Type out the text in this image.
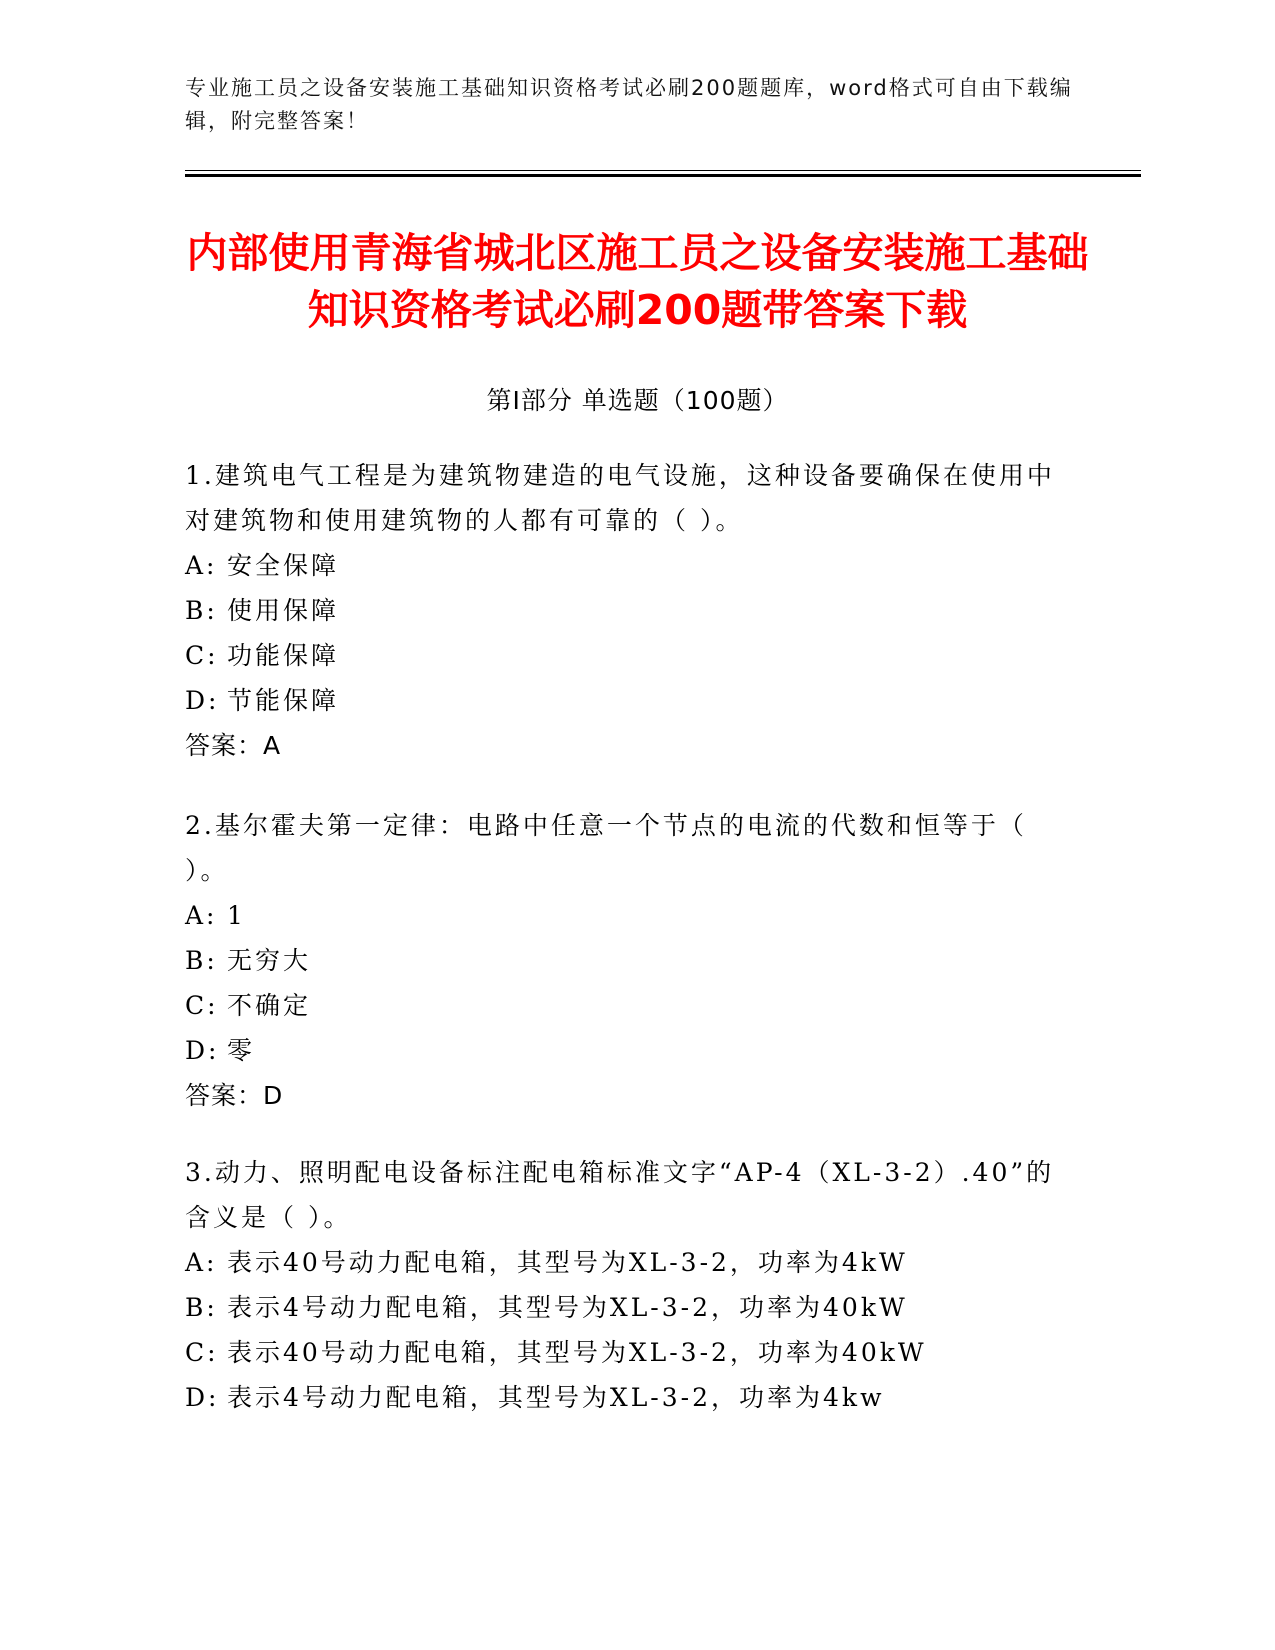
专业施工员之设备安装施工基础知识资格考试必刷200题题库，word格式可自由下载编辑，附完整答案！
内部使用青海省城北区施工员之设备安装施工基础知识资格考试必刷200题带答案下载
第Ⅰ部分 单选题（100题）

1.建筑电气工程是为建筑物建造的电气设施，这种设备要确保在使用中对建筑物和使用建筑物的人都有可靠的（ ）。

A: 安全保障

B: 使用保障

C: 功能保障

D: 节能保障

答案：A

2.基尔霍夫第一定律：电路中任意一个节点的电流的代数和恒等于（ ）。

A: 1

B: 无穷大

C: 不确定

D: 零

答案：D

3.动力、照明配电设备标注配电箱标准文字“AP-4（XL-3-2）.40”的含义是（ ）。

A: 表示40号动力配电箱，其型号为XL-3-2，功率为4kW

B: 表示4号动力配电箱，其型号为XL-3-2，功率为40kW

C: 表示40号动力配电箱，其型号为XL-3-2，功率为40kW

D: 表示4号动力配电箱，其型号为XL-3-2，功率为4kw
